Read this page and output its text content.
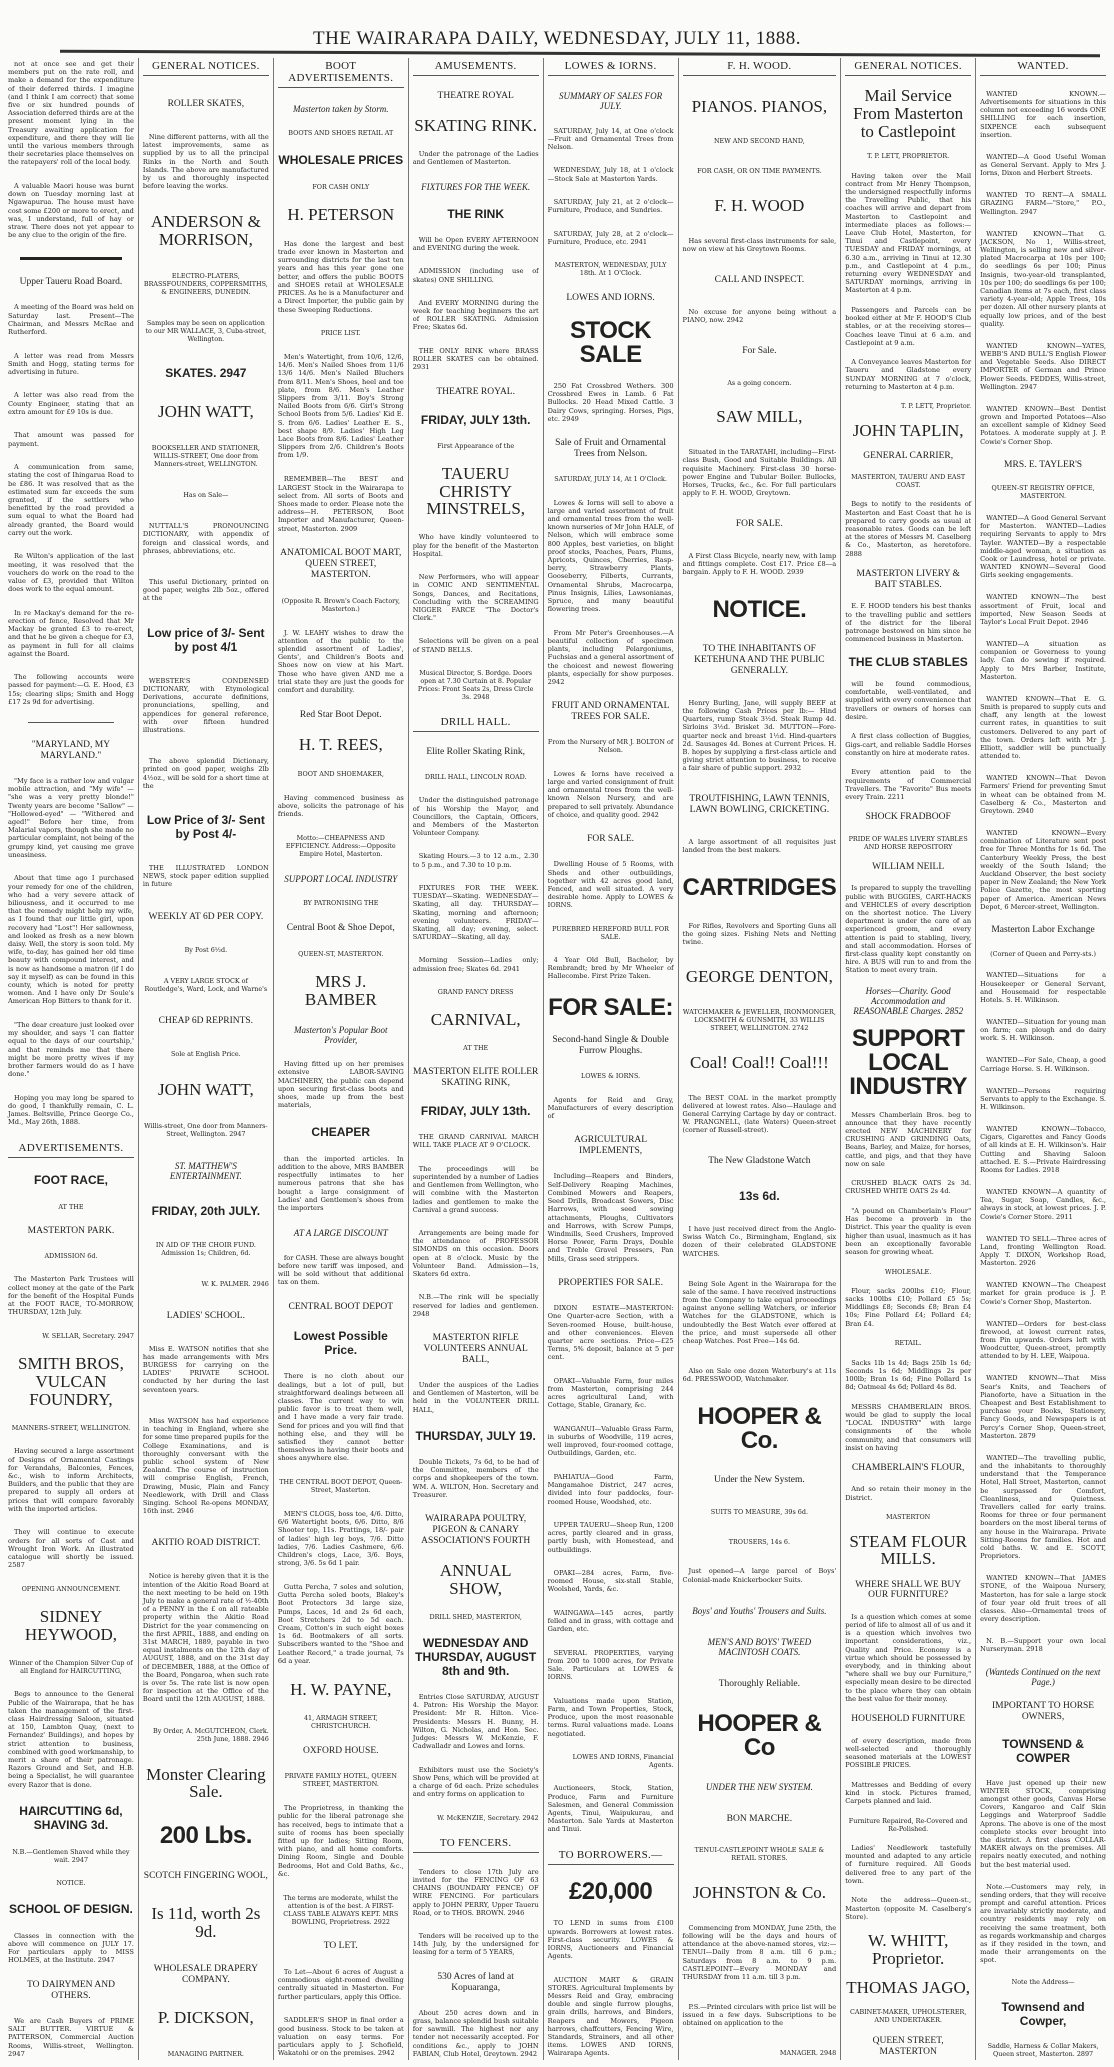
THE WAIRARAPA DAILY, WEDNESDAY, JULY 11, 1888.
not at once see and get their members put on the rate roll, and make a demand for the expenditure of their deferred thirds. I imagine (and I think I am correct) that some five or six hundred pounds of Association deferred thirds are at the present moment lying in the Treasury awaiting application for expenditure, and there they will lie until the various members through their secretaries place themselves on the ratepayers' roll of the local body.
A valuable Maori house was burnt down on Tuesday morning last at Ngawapurua. The house must have cost some £200 or more to erect, and was, I understand, full of hay or straw. There does not yet appear to be any clue to the origin of the fire.
Upper Taueru Road Board.
A meeting of the Board was held on Saturday last. Present—The Chairman, and Messrs McRae and Rutherford.
A letter was read from Messrs Smith and Hogg, stating terms for advertising in future.
A letter was also read from the County Engineer, stating that an extra amount for £9 10s is due.
That amount was passed for payment.
A communication from same, stating the cost of Ihingarua Road to be £86. It was resolved that as the estimated sum far exceeds the sum granted, if the settlers who benefitted by the road provided a sum equal to what the Board had already granted, the Board would carry out the work.
Re Wilton's application of the last meeting, it was resolved that the vouchers do work on the road to the value of £3, provided that Wilton does work to the equal amount.
In re Mackay's demand for the re-erection of fence, Resolved that Mr Mackay be granted £3 to re-erect, and that he be given a cheque for £3, as payment in full for all claims against the Board.
The following accounts were passed for payment:—G. E. Hood, £3 15s; clearing slips; Smith and Hogg £17 2s 9d for advertising.
"MARYLAND, MY MARYLAND."
"My face is a rather low and vulgar mobile attraction, and "My wife" — "she was a very pretty blonde!" Twenty years are become "Sallow" — "Hollowed-eyed" — "Withered and aged!" Before her time, from Malarial vapors, though she made no particular complaint, not being of the grumpy kind, yet causing me grave uneasiness.
About that time ago I purchased your remedy for one of the children, who had a very severe attack of biliousness, and it occurred to me that the remedy might help my wife, as I found that our little girl, upon recovery had "Lost"! Her sallowness, and looked as fresh as a new blown daisy. Well, the story is soon told. My wife, to-day, has gained her old time beauty with compound interest, and is now as handsome a matron (if I do say it myself) as can be found in this county, which is noted for pretty women. And I have only Dr Soule's American Hop Bitters to thank for it.
"The dear creature just looked over my shoulder, and says 'I can flatter equal to the days of our courtship,' and that reminds me that there might be more pretty wives if my brother farmers would do as I have done."
Hoping you may long be spared to do good, I thankfully remain, C. L. James. Beltsville, Prince George Co., Md., May 26th, 1888.
ADVERTISEMENTS.
FOOT RACE,
AT THE
MASTERTON PARK.
ADMISSION 6d.
The Masterton Park Trustees will collect money at the gate of the Park for the benefit of the Hospital Funds at the FOOT RACE, TO-MORROW, THURSDAY, 12th July.
W. SELLAR, Secretary. 2947
SMITH BROS, VULCAN FOUNDRY,
MANNERS-STREET, WELLINGTON.
Having secured a large assortment of Designs of Ornamental Castings for Verandahs, Balconies, Fences, &c., wish to inform Architects, Builders, and the public that they are prepared to supply all orders at prices that will compare favorably with the imported articles.
They will continue to execute orders for all sorts of Cast and Wrought Iron Work. An illustrated catalogue will shortly be issued. 2587
OPENING ANNOUNCEMENT.
SIDNEY HEYWOOD,
Winner of the Champion Silver Cup of all England for HAIRCUTTING,
Begs to announce to the General Public of the Wairarapa, that he has taken the management of the first-class Hairdressing Saloon, situated at 150, Lambton Quay, (next to Fernandez' Buildings), and hopes by strict attention to business, combined with good workmanship, to merit a share of their patronage. Razors Ground and Set, and H.B. being a Specialist, he will guarantee every Razor that is done.
HAIRCUTTING 6d, SHAVING 3d.
N.B.—Gentlemen Shaved while they wait. 2947
NOTICE.
SCHOOL OF DESIGN.
Classes in connection with the above will commence on JULY 17. For particulars apply to MISS HOLMES, at the Institute. 2947
TO DAIRYMEN AND OTHERS.
We are Cash Buyers of PRIME SALT BUTTER. VIRTUE & PATTERSON, Commercial Auction Rooms, Willis-street, Wellington. 2947
GENERAL NOTICES.
ROLLER SKATES,
Nine different patterns, with all the latest improvements, same as supplied by us to all the principal Rinks in the North and South Islands. The above are manufactured by us and thoroughly inspected before leaving the works.
ANDERSON & MORRISON,
ELECTRO-PLATERS, BRASSFOUNDERS, COPPERSMITHS, & ENGINEERS, DUNEDIN.
Samples may be seen on application to our MR WALLACE, 3, Cuba-street, Wellington.
SKATES. 2947
JOHN WATT,
BOOKSELLER AND STATIONER, WILLIS-STREET, One door from Manners-street, WELLINGTON.
Has on Sale—
NUTTALL'S PRONOUNCING DICTIONARY, with appendix of foreign and classical words, and phrases, abbreviations, etc.
This useful Dictionary, printed on good paper, weighs 2lb 5oz., offered at the
Low price of 3/- Sent by post 4/1
WEBSTER'S CONDENSED DICTIONARY, with Etymological Derivations, accurate definitions, pronunciations, spelling, and appendices for general reference, with over fifteen hundred illustrations.
The above splendid Dictionary, printed on good paper, weighs 2lb 4½oz., will be sold for a short time at the
Low Price of 3/- Sent by Post 4/-
THE ILLUSTRATED LONDON NEWS, stock paper edition supplied in future
WEEKLY AT 6D PER COPY.
By Post 6½d.
A VERY LARGE STOCK of Routledge's, Ward, Lock, and Warne's
CHEAP 6D REPRINTS.
Sole at English Price.
JOHN WATT,
Willis-street, One door from Manners-Street, Wellington. 2947
ST. MATTHEW'S ENTERTAINMENT.
FRIDAY, 20th JULY.
IN AID OF THE CHOIR FUND. Admission 1s; Children, 6d.
W. K. PALMER. 2946
LADIES' SCHOOL.
Miss E. WATSON notifies that she has made arrangements with Mrs BURGESS for carrying on the LADIES' PRIVATE SCHOOL conducted by her during the last seventeen years.
Miss WATSON has had experience in teaching in England, where she for some time prepared pupils for the College Examinations, and is thoroughly conversant with the public school system of New Zealand. The course of instruction will comprise English, French, Drawing, Music, Plain and Fancy Needlework, with Drill and Class Singing. School Re-opens MONDAY, 16th inst. 2946
AKITIO ROAD DISTRICT.
Notice is hereby given that it is the intention of the Akitio Road Board at the next meeting to be held on 19th July to make a general rate of ½-40th of a PENNY in the £ on all rateable property within the Akitio Road District for the year commencing on the first APRIL, 1888, and ending on 31st MARCH, 1889, payable in two equal instalments on the 12th day of AUGUST, 1888, and on the 31st day of DECEMBER, 1888, at the Office of the Board, Pongaroa, when such rate is over 5s. The rate list is now open for inspection at the Office of the Board until the 12th AUGUST, 1888.
By Order, A. McGUTCHEON, Clerk. 25th June, 1888. 2946
Monster Clearing Sale.
200 Lbs.
SCOTCH FINGERING WOOL,
Is 11d, worth 2s 9d.
WHOLESALE DRAPERY COMPANY.
P. DICKSON,
MANAGING PARTNER.
BOOT ADVERTISEMENTS.
Masterton taken by Storm.
BOOTS AND SHOES RETAIL AT
WHOLESALE PRICES
FOR CASH ONLY
H. PETERSON
Has done the largest and best trade ever known in Masterton and surrounding districts for the last ten years and has this year gone one better, and offers the public BOOTS and SHOES retail at WHOLESALE PRICES. As he is a Manufacturer and a Direct Importer, the public gain by these Sweeping Reductions.
PRICE LIST.
Men's Watertight, from 10/6, 12/6, 14/6. Men's Nailed Shoes from 11/6 13/6 14/6. Men's Nailed Bluchers from 8/11. Men's Shoes, heel and toe plate, from 8/6. Men's Leather Slippers from 3/11. Boy's Strong Nailed Boots from 6/6. Girl's Strong School Boots from 5/6. Ladies' Kid E. S. from 6/6. Ladies' Leather E. S., best shape 8/9. Ladies' High Leg Lace Boots from 8/6. Ladies' Leather Slippers from 2/6. Children's Boots from 1/9.
REMEMBER—The BEST and LARGEST Stock in the Wairarapa to select from. All sorts of Boots and Shoes made to order. Please note the address—H. PETERSON, Boot Importer and Manufacturer, Queen-street, Masterton. 2909
ANATOMICAL BOOT MART, QUEEN STREET, MASTERTON.
(Opposite R. Brown's Coach Factory, Masterton.)
J. W. LEAHY wishes to draw the attention of the public to the splendid assortment of Ladies', Gents', and Children's Boots and Shoes now on view at his Mart. Those who have given AND me a trial state they are just the goods for comfort and durability.
Red Star Boot Depot.
H. T. REES,
BOOT AND SHOEMAKER,
Having commenced business as above, solicits the patronage of his friends.
Motto:—CHEAPNESS AND EFFICIENCY. Address:—Opposite Empire Hotel, Masterton.
SUPPORT LOCAL INDUSTRY
BY PATRONISING THE
Central Boot & Shoe Depot,
QUEEN-ST, MASTERTON.
MRS J. BAMBER
Masterton's Popular Boot Provider,
Having fitted up on her premises extensive LABOR-SAVING MACHINERY, the public can depend upon securing first-class boots and shoes, made up from the best materials,
CHEAPER
than the imported articles. In addition to the above, MRS BAMBER respectfully intimates to her numerous patrons that she has bought a large consignment of Ladies' and Gentlemen's shoes from the importers
AT A LARGE DISCOUNT
for CASH. These are always bought before new tariff was imposed, and will be sold without that additional tax on them.
CENTRAL BOOT DEPOT
Lowest Possible Price.
There is no cloth about our dealings, but a lot of pull, but straightforward dealings between all classes. The current way to win public favor is to treat them well, and I have made a very fair trade. Send for prices and you will find that nothing else, and they will be satisfied they cannot better themselves in having their boots and shoes anywhere else.
THE CENTRAL BOOT DEPOT, Queen-Street, Masterton.
MEN'S CLOGS, boss toe, 4/6. Ditto, 6/6 Watertight boots, 6/6. Ditto, 8/6 Shooter top, 11s. Prattings, 18/- pair of ladies' high leg boys, 7/6. Ditto ladies, 7/6. Ladies Cashmere, 6/6. Children's clogs, Lace, 3/6. Boys, strong, 3/6. 5s 6d 1 pair.
Gutta Percha, 7 soles and solution, Gutta Percha soled boots, Blakey's Boot Protectors 3d large size, Pumps, Laces, 1d and 2s 6d each, Boot Stretchers 2d to 5d each. Cream, Cotton's in such eight boxes 1s 6d. Bootmakers of all sorts. Subscribers wanted to the "Shoe and Leather Record," a trade journal, 7s 6d a year.
H. W. PAYNE,
41, ARMAGH STREET, CHRISTCHURCH.
OXFORD HOUSE.
PRIVATE FAMILY HOTEL, QUEEN STREET, MASTERTON.
The Proprietress, in thanking the public for the liberal patronage she has received, begs to intimate that a suite of rooms has been specially fitted up for ladies; Sitting Room, with piano, and all home comforts. Dining Room, Single and Double Bedrooms, Hot and Cold Baths, &c., &c.
The terms are moderate, whilst the attention is of the best. A FIRST-CLASS TABLE ALWAYS KEPT. MRS BOWLING, Proprietress. 2922
TO LET.
To Let—About 6 acres of August a commodious eight-roomed dwelling centrally situated in Masterton. For further particulars, apply this Office.
SADDLER'S SHOP in final order a good business. Stock to be taken at valuation on easy terms. For particulars apply to J. Schofield, Wakatohi or on the premises. 2942
AMUSEMENTS.
THEATRE ROYAL
SKATING RINK.
Under the patronage of the Ladies and Gentlemen of Masterton.
FIXTURES FOR THE WEEK.
THE RINK
Will be Open EVERY AFTERNOON and EVENING during the week.
ADMISSION (including use of skates) ONE SHILLING.
And EVERY MORNING during the week for teaching beginners the art of ROLLER SKATING. Admission Free; Skates 6d.
THE ONLY RINK where BRASS ROLLER SKATES can be obtained. 2931
THEATRE ROYAL.
FRIDAY, JULY 13th.
First Appearance of the
TAUERU CHRISTY MINSTRELS,
Who have kindly volunteered to play for the benefit of the Masterton Hospital.
New Performers, who will appear in COMIC AND SENTIMENTAL Songs, Dances, and Recitations, Concluding with the SCREAMING NIGGER FARCE "The Doctor's Clerk."
Selections will be given on a peal of STAND BELLS.
Musical Director, S. Bordge. Doors open at 7.30 Curtain at 8. Popular Prices: Front Seats 2s, Dress Circle 3s. 2948
DRILL HALL.
Elite Roller Skating Rink,
DRILL HALL, LINCOLN ROAD.
Under the distinguished patronage of his Worship the Mayor, and Councillors, the Captain, Officers, and Members of the Masterton Volunteer Company.
Skating Hours.—3 to 12 a.m., 2.30 to 5 p.m., and 7.30 to 10 p.m.
FIXTURES FOR THE WEEK. TUESDAY—Skating. WEDNESDAY—Skating, all day. THURSDAY—Skating, morning and afternoon; evening volunteers. FRIDAY—Skating, all day; evening, select. SATURDAY—Skating, all day.
Morning Session—Ladies only; admission free; Skates 6d. 2941
GRAND FANCY DRESS
CARNIVAL,
AT THE
MASTERTON ELITE ROLLER SKATING RINK,
FRIDAY, JULY 13th.
THE GRAND CARNIVAL MARCH WILL TAKE PLACE AT 9 O'CLOCK.
The proceedings will be superintended by a number of Ladies and Gentlemen from Wellington, who will combine with the Masterton ladies and gentlemen to make the Carnival a grand success.
Arrangements are being made for the attendance of PROFESSOR SIMONDS on this occasion. Doors open at 8 o'clock. Music by the Volunteer Band. Admission—1s, Skaters 6d extra.
N.B.—The rink will be specially reserved for ladies and gentlemen. 2948
MASTERTON RIFLE VOLUNTEERS ANNUAL BALL,
Under the auspices of the Ladies and Gentlemen of Masterton, will be held in the VOLUNTEER DRILL HALL,
THURSDAY, JULY 19.
Double Tickets, 7s 6d, to be had of the Committee, members of the corps and shopkeepers of the town. WM. A. WILTON, Hon. Secretary and Treasurer.
WAIRARAPA POULTRY, PIGEON & CANARY ASSOCIATION'S FOURTH
ANNUAL SHOW,
DRILL SHED, MASTERTON,
WEDNESDAY AND THURSDAY, AUGUST 8th and 9th.
Entries Close SATURDAY, AUGUST 4. Patron: His Worship the Mayor. President: Mr R. Hilton. Vice-Presidents: Messrs H. Bunny, H. Wilton, G. Nicholas, and Hon. Sec. Judges: Messrs W. McKenzie, F. Cadwalladr and Lowes and Iorns.
Exhibitors must use the Society's Show Pens, which will be provided at a charge of 6d each. Prize schedules and entry forms on application to
W. McKENZIE, Secretary. 2942
TO FENCERS.
Tenders to close 17th July are invited for the FENCING OF 63 CHAINS (BOUNDARY FENCE) OF WIRE FENCING. For particulars apply to JOHN PERRY, Upper Taueru Road, or to THOS. BROWN. 2946
Tenders will be received up to the 14th July, by the undersigned for leasing for a term of 5 YEARS,
530 Acres of land at Kopuaranga,
About 250 acres down and in grass, balance splendid bush suitable for sawmill. The highest nor any tender not necessarily accepted. For conditions &c., apply to JOHN FABIAN, Club Hotel, Greytown. 2942
LOWES & IORNS.
SUMMARY OF SALES FOR JULY.
SATURDAY, July 14, at One o'clock—Fruit and Ornamental Trees from Nelson.
WEDNESDAY, July 18, at 1 o'clock—Stock Sale at Masterton Yards.
SATURDAY, July 21, at 2 o'clock—Furniture, Produce, and Sundries.
SATURDAY, July 28, at 2 o'clock—Furniture, Produce, etc. 2941
MASTERTON, WEDNESDAY, JULY 18th. At 1 O'Clock.
LOWES AND IORNS.
STOCK SALE
250 Fat Crossbred Wethers. 300 Crossbred Ewes in Lamb. 6 Fat Bullocks. 20 Head Mixed Cattle. 3 Dairy Cows, springing. Horses, Pigs, etc. 2949
Sale of Fruit and Ornamental Trees from Nelson.
SATURDAY, JULY 14, At 1 O'Clock.
Lowes & Iorns will sell to above a large and varied assortment of fruit and ornamental trees from the well-known nurseries of Mr John HALE, of Nelson, which will embrace some 800 Apples, best varieties, on blight proof stocks, Peaches, Pears, Plums, Apricots, Quinces, Cherries, Rasp-berry, Strawberry Plants, Gooseberry, Filberts, Currants, Ornamental Shrubs, Macrocarpa, Pinus Insignis, Lilies, Lawsonianas, Spruce, and many beautiful flowering trees.
From Mr Peter's Greenhouses.—A beautiful collection of specimen plants, including Pelargoniums, Fuchsias and a general assortment of the choicest and newest flowering plants, especially for show purposes. 2942
FRUIT AND ORNAMENTAL TREES FOR SALE.
From the Nursery of MR J. BOLTON of Nelson.
Lowes & Iorns have received a large and varied consignment of fruit and ornamental trees from the well-known Nelson Nursery, and are prepared to sell privately. Abundance of choice, and quality good. 2942
FOR SALE.
Dwelling House of 5 Rooms, with Sheds and other outbuildings, together with 42 acres good land, Fenced, and well situated. A very desirable home. Apply to LOWES & IORNS.
PUREBRED HEREFORD BULL FOR SALE.
4 Year Old Bull, Bachelor, by Rembrandt; bred by Mr Wheeler of Hallecombe. First Prize Taken.
FOR SALE:
Second-hand Single & Double Furrow Ploughs.
LOWES & IORNS.
Agents for Reid and Gray, Manufacturers of every description of
AGRICULTURAL IMPLEMENTS,
Including—Reapers and Binders, Self-Delivery Reaping Machines, Combined Mowers and Reapers, Seed Drills, Broadcast Sowers, Disc Harrows, with seed sowing attachments, Ploughs, Cultivators and Harrows, with Screw Pumps, Windmills, Seed Crushers, Improved Horse Power, Farm Drays, Double and Treble Gravel Pressers, Pan Mills, Grass seed strippers.
PROPERTIES FOR SALE.
DIXON ESTATE—MASTERTON: One Quarter-acre Section, with a Seven-roomed House, built-house, and other conveniences. Eleven quarter acre sections. Price—£25 Terms, 5% deposit, balance at 5 per cent.
OPAKI—Valuable Farm, four miles from Masterton, comprising 244 acres agricultural Land, with Cottage, Stable, Granary, &c.
WANGANUI—Valuable Grass Farm, in suburbs of Woodville, 119 acres, well improved, four-roomed cottage, Outbuildings, Garden, etc.
PAHIATUA—Good Farm, Mangamahoe District, 247 acres, divided into four paddocks, four-roomed House, Woodshed, etc.
UPPER TAUERU—Sheep Run, 1200 acres, partly cleared and in grass, partly bush, with Homestead, and outbuildings.
OPAKI—284 acres, Farm, five-roomed House, six-stall Stable, Woolshed, Yards, &c.
WAINGAWA—145 acres, partly felled and in grass, with cottage and Garden, etc.
SEVERAL PROPERTIES, varying from 200 to 1000 acres, for Private Sale. Particulars at LOWES & IORNS.
Valuations made upon Station, Farm, and Town Properties, Stock, Produce, upon the most reasonable terms. Rural valuations made. Loans negotiated.
LOWES AND IORNS, Financial Agents.
Auctioneers, Stock, Station, Produce, Farm and Furniture Salesmen, and General Commission Agents, Tinui, Waipukurau, and Masterton. Sale Yards at Masterton and Tinui.
TO BORROWERS.—
£20,000
TO LEND in sums from £100 upwards. Borrowers at lowest rates. First-class security. LOWES & IORNS, Auctioneers and Financial Agents.
AUCTION MART & GRAIN STORES. Agricultural Implements by Messrs Reid and Gray, embracing double and single furrow ploughs, grain drills, harrows, and Binders, Reapers and Mowers, Pigeon harrows, chaffcutters, Fencing Wire, Standards, Strainers, and all other items. LOWES AND IORNS, Wairarapa Agents.
F. H. WOOD.
PIANOS. PIANOS,
NEW AND SECOND HAND,
FOR CASH, OR ON TIME PAYMENTS.
F. H. WOOD
Has several first-class instruments for sale, now on view at his Greytown Rooms.
CALL AND INSPECT.
No excuse for anyone being without a PIANO, now. 2942
For Sale.
As a going concern.
SAW MILL,
Situated in the TARATAHI, including—First-class Bush, Good and Suitable Buildings. All requisite Machinery. First-class 30 horse-power Engine and Tubular Boiler. Bullocks, Horses, Trucks, &c., &c. For full particulars apply to F. H. WOOD, Greytown.
FOR SALE.
A First Class Bicycle, nearly new, with lamp and fittings complete. Cost £17. Price £8—a bargain. Apply to F. H. WOOD. 2939
NOTICE.
TO THE INHABITANTS OF KETEHUNA AND THE PUBLIC GENERALLY.
Henry Burling, Jane, will supply BEEF at the following Cash Prices per lb:— Hind Quarters, rump Steak 3½d. Steak Rump 4d. Sirloins 3½d. Brisket 3d. MUTTON—Fore-quarter neck and breast 1½d. Hind-quarters 2d. Sausages 4d. Bones at Current Prices. H. B. hopes by supplying a first-class article and giving strict attention to business, to receive a fair share of public support. 2932
TROUTFISHING, LAWN TENNIS, LAWN BOWLING, CRICKETING.
A large assortment of all requisites just landed from the best makers.
CARTRIDGES
For Rifles, Revolvers and Sporting Guns all the going sizes. Fishing Nets and Netting twine.
GEORGE DENTON,
WATCHMAKER & JEWELLER, IRONMONGER, LOCKSMITH & GUNSMITH, 33 WILLIS STREET, WELLINGTON. 2742
Coal! Coal!! Coal!!!
The BEST COAL in the market promptly delivered at lowest rates. Also—Haulage and General Carrying Cartage by day or contract. W. PRANGNELL, (late Waters) Queen-street (corner of Russell-street).
The New Gladstone Watch
13s 6d.
I have just received direct from the Anglo-Swiss Watch Co., Birmingham, England, six dozen of their celebrated GLADSTONE WATCHES.
Being Sole Agent in the Wairarapa for the sale of the same. I have received instructions from the Company to take equal proceedings against anyone selling Watchers, or inferior Watches for the GLADSTONE, which is undoubtedly the Best Watch ever offered at the price, and must supersede all other cheap Watches. Post Free—14s 6d.
Also on Sale one dozen Waterbury's at 11s 6d. PRESSWOOD, Watchmaker.
HOOPER & Co.
Under the New System.
SUITS TO MEASURE, 39s 6d.
TROUSERS, 14s 6.
Just opened—A large parcel of Boys' Colonial-made Knickerbocker Suits.
Boys' and Youths' Trousers and Suits.
MEN'S AND BOYS' TWEED MACINTOSH COATS.
Thoroughly Reliable.
HOOPER & Co
UNDER THE NEW SYSTEM.
BON MARCHE.
TENUI-CASTLEPOINT WHOLE SALE & RETAIL STORES.
JOHNSTON & Co.
Commencing from MONDAY, June 25th, the following will be the days and hours of attendance at the above-named stores, viz:— TENUI—Daily from 8 a.m. till 6 p.m.; Saturdays from 8 a.m. to 9 p.m. CASTLEPOINT—Every MONDAY and THURSDAY from 11 a.m. till 3 p.m.
P.S.—Printed circulars with price list will be issued in a few days. Subscriptions to be obtained on application to the
MANAGER. 2948
GENERAL NOTICES.
Mail Service From Masterton to Castlepoint
T. P. LETT, PROPRIETOR.
Having taken over the Mail contract from Mr Henry Thompson, the undersigned respectfully informs the Travelling Public, that his coaches will arrive and depart from Masterton to Castlepoint and intermediate places as follows:—Leave Club Hotel, Masterton, for Tinui and Castlepoint, every TUESDAY and FRIDAY mornings, at 6.30 a.m., arriving in Tinui at 12.30 p.m., and Castlepoint at 4 p.m., returning every WEDNESDAY and SATURDAY mornings, arriving in Masterton at 4 p.m.
Passengers and Parcels can be booked either at Mr F. HOOD'S Club stables, or at the receiving stores—Coaches leave Tinui at 6 a.m. and Castlepoint at 9 a.m.
A Conveyance leaves Masterton for Taueru and Gladstone every SUNDAY MORNING at 7 o'clock, returning to Masterton at 4 p.m.
T. P. LETT, Proprietor.
JOHN TAPLIN,
GENERAL CARRIER,
MASTERTON, TAUERU AND EAST COAST.
Begs to notify to the residents of Masterton and East Coast that he is prepared to carry goods as usual at reasonable rates. Goods can be left at the stores of Messrs M. Caselberg & Co., Masterton, as heretofore. 2888
MASTERTON LIVERY & BAIT STABLES.
E. F. HOOD tenders his best thanks to the travelling public and settlers of the district for the liberal patronage bestowed on him since he commenced business in Masterton.
THE CLUB STABLES
will be found commodious, comfortable, well-ventilated, and supplied with every convenience that travellers or owners of horses can desire.
A first class collection of Buggies, Gigs-cart, and reliable Saddle Horses constantly on hire at moderate rates.
Every attention paid to the requirements of Commercial Travellers. The "Favorite" Bus meets every Train. 2211
SHOCK FRADBOOF
PRIDE OF WALES LIVERY STABLES AND HORSE REPOSITORY
WILLIAM NEILL
Is prepared to supply the travelling public with BUGGIES, CART-HACKS and VEHICLES of every description on the shortest notice. The Livery department is under the care of an experienced groom, and every attention is paid to stabling, livery, and stall accommodation. Horses of first-class quality kept constantly on hire. A BUS will run to and from the Station to meet every train.
Horses—Charity. Good Accommodation and REASONABLE Charges. 2852
SUPPORT LOCAL INDUSTRY
Messrs Chamberlain Bros. beg to announce that they have recently erected NEW MACHINERY for CRUSHING AND GRINDING Oats, Beans, Barley, and Maize, for horses, cattle, and pigs, and that they have now on sale
CRUSHED BLACK OATS 2s 3d. CRUSHED WHITE OATS 2s 4d.
"A pound on Chamberlain's Flour" Has become a proverb in the District. This year the quality is even higher than usual, inasmuch as it has been an exceptionally favorable season for growing wheat.
WHOLESALE.
Flour, sacks 200lbs £10; Flour, sacks 100lbs £10; Pollard £5 5s; Middlings £8; Seconds £8; Bran £4 10s; Fine Pollard £4; Pollard £4; Bran £4.
RETAIL.
Sacks 1lb 1s 4d; Bags 25lb 1s 6d; Seconds 1s 6d; Middlings 2s per 100lb; Bran 1s 6d; Fine Pollard 1s 8d; Oatmeal 4s 6d; Pollard 4s 8d.
MESSRS CHAMBERLAIN BROS. would be glad to supply the local "LOCAL INDUSTRY" with large consignments of the whole community, and that consumers will insist on having
CHAMBERLAIN'S FLOUR,
And so retain their money in the District.
MASTERTON
STEAM FLOUR MILLS.
WHERE SHALL WE BUY OUR FURNITURE?
Is a question which comes at some period of life to almost all of us and it is a question which involves two important considerations, viz., Quality and Price. Economy is a virtue which should be possessed by everybody, and in thinking about "where shall we buy our Furniture," especially mean desire to be directed to the place where they can obtain the best value for their money.
HOUSEHOLD FURNITURE
of every description, made from well-selected and thoroughly seasoned materials at the LOWEST POSSIBLE PRICES.
Mattresses and Bedding of every kind in stock. Pictures framed, Carpets planned and laid.
Furniture Repaired, Re-Covered and Re-Polished.
Ladies' Needlework tastefully mounted and adapted to any article of furniture required. All Goods delivered free to any part of the town.
Note the address—Queen-st., Masterton (opposite M. Caselberg's Store).
W. WHITT, Proprietor.
THOMAS JAGO,
CABINET-MAKER, UPHOLSTERER, AND UNDERTAKER.
QUEEN STREET, MASTERTON
WANTED.
WANTED KNOWN.—Advertisements for situations in this column not exceeding 16 words ONE SHILLING for each insertion, SIXPENCE each subsequent insertion.
WANTED—A Good Useful Woman as General Servant. Apply to Mrs J. Iorns, Dixon and Herbert Streets.
WANTED TO RENT—A SMALL GRAZING FARM—"Store," P.O., Wellington. 2947
WANTED KNOWN—That G. JACKSON, No 1, Willis-street, Wellington, is selling new and silver-plated Macrocarpa at 10s per 100; do seedlings 6s per 100; Pinus Insignis, two-year-old transplanted, 10s per 100; do seedlings 6s per 100; Canadian items at 7s each, first class variety 4-year-old; Apple Trees, 10s per dozen. All other nursery plants at equally low prices, and of the best quality.
WANTED KNOWN—YATES, WEBB'S AND BULL'S English Flower and Vegetable Seeds. Also DIRECT IMPORTER of German and Prince Flower Seeds. FEDDES, Willis-street, Wellington. 2947
WANTED KNOWN—Best Dentist grown and Imported Potatoes—Also an excellent sample of Kidney Seed Potatoes. A moderate supply at J. P. Cowie's Corner Shop.
MRS. E. TAYLER'S
QUEEN-ST REGISTRY OFFICE, MASTERTON.
WANTED—A Good General Servant for Masterton. WANTED—Ladies requiring Servants to apply to Mrs Tayler. WANTED—By a respectable middle-aged woman, a situation as Cook or Laundress, hotel or private. WANTED KNOWN—Several Good Girls seeking engagements.
WANTED KNOWN—The best assortment of Fruit, local and imported, New Season Seeds at Taylor's Local Fruit Depot. 2946
WANTED—A situation as companion or Governess to young lady. Can do sewing if required. Apply to Mrs Barber, Institute, Masterton.
WANTED KNOWN—That E. G. Smith is prepared to supply cuts and chaff, any length at the lowest current rates, in quantities to suit customers. Delivered to any part of the town. Orders left with Mr J. Elliott, saddler will be punctually attended to.
WANTED KNOWN—That Devon Farmers' Friend for preventing Smut in wheat can be obtained from M. Caselberg & Co., Masterton and Greytown. 2940
WANTED KNOWN—Every combination of Literature sent post free for Three Months for 1s 6d. The Canterbury Weekly Press, the best weekly of the South Island; the Auckland Observer, the best society paper in New Zealand; the New York Police Gazette, the most sporting paper of America. American News Depot, 6 Mercer-street, Wellington.
Masterton Labor Exchange
(Corner of Queen and Perry-sts.)
WANTED—Situations for a Housekeeper or General Servant, and Housemaid for respectable Hotels. S. H. Wilkinson.
WANTED—Situation for young man on farm; can plough and do dairy work. S. H. Wilkinson.
WANTED—For Sale, Cheap, a good Carriage Horse. S. H. Wilkinson.
WANTED—Persons requiring Servants to apply to the Exchange. S. H. Wilkinson.
WANTED KNOWN—Tobacco, Cigars, Cigarettes and Fancy Goods of all kinds at E. H. Wilkinson's. Hair Cutting and Shaving Saloon attached. E. S.—Private Hairdressing Rooms for Ladies. 2918
WANTED KNOWN—A quantity of Tea, Sugar, Soap, Candles, &c., always in stock, at lowest prices. J. P. Cowie's Corner Store. 2911
WANTED TO SELL—Three acres of Land, fronting Wellington Road. Apply T. DIXON, Workshop Road, Masterton. 2926
WANTED KNOWN—The Cheapest market for grain produce is J. P. Cowie's Corner Shop, Masterton.
WANTED—Orders for best-class firewood, at lowest current rates, from Pin upwards. Orders left with Woodcutter, Queen-street, promptly attended to by H. LEE, Waipoua.
WANTED KNOWN—That Miss Sear's Knits, and Teachers of Pianoforte, have a Situation in the Cheapest and Best Establishment to purchase your Books, Stationery, Fancy Goods, and Newspapers is at Percy's Corner Shop, Queen-street, Masterton. 2879
WANTED—The travelling public, and the inhabitants to thoroughly understand that the Temperance Hotel, Hall Street, Masterton, cannot be surpassed for Comfort, Cleanliness, and Quietness. Travellers called for early trains. Rooms for three or four permanent boarders on the most liberal terms of any house in the Wairarapa. Private Sitting-Rooms for families. Hot and cold baths. W. and E. SCOTT, Proprietors.
WANTED KNOWN—That JAMES STONE, of the Waipoua Nursery, Masterton, has for sale a large stock of four year old fruit trees of all classes. Also—Ornamental trees of every description.
N. B.—Support your own local Nurseryman. 2918
(Wanteds Continued on the next Page.)
IMPORTANT TO HORSE OWNERS,
TOWNSEND & COWPER
Have just opened up their new WINTER STOCK, comprising amongst other goods, Canvas Horse Covers, Kangaroo and Calf Skin Leggings and Waterproof Saddle Aprons. The above is one of the most complete stocks ever brought into the district. A first class COLLAR-MAKER always on the premises. All repairs neatly executed, and nothing but the best material used.
Note.—Customers may rely, in sending orders, that they will receive prompt and careful attention. Prices are invariably strictly moderate, and country residents may rely on receiving the same treatment, both as regards workmanship and charges as if they resided in the town, and made their arrangements on the spot.
Note the Address—
Townsend and Cowper,
Saddle, Harness & Collar Makers, Queen street, Masterton. 2897
